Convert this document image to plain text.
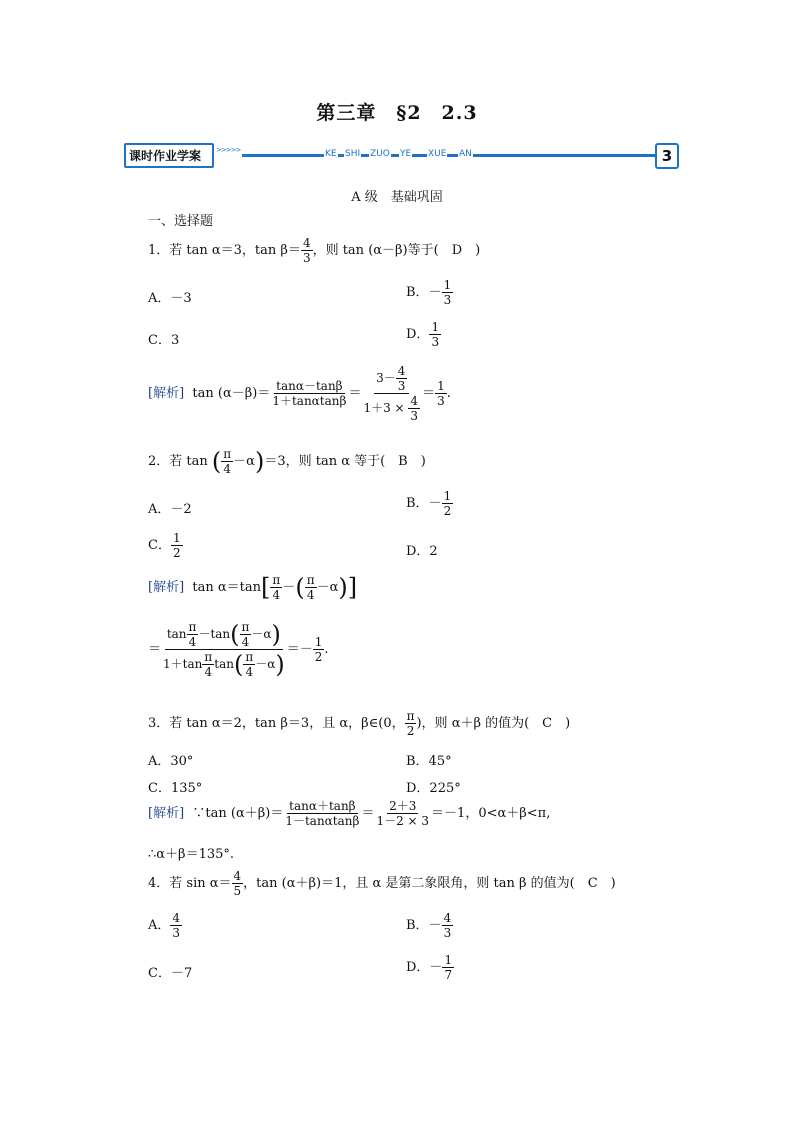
第三章　§2　2.3
课时作业学案	>>>>>	KE SHI ZUO YE XUE AN	3
A 级　基础巩固
一、选择题
1．若 tan α＝3，$\tan \beta= \frac{4}{3}$ ，则 tan (α－β)等于(　D　)
A．－3	B．－ $\frac{1}{3}$
C．3	D． $\frac{1}{3}$
[解析] $\tan (\alpha-\beta)= \frac{\tan\alpha-\tan\beta}{1+\tan\alpha\tan\beta} = \frac{3- \frac{4}{3}}{1+3 \times \frac{4}{3}} = \frac{1}{3}$ .
2．若 tan ( $\frac{\pi}{4} -\alpha)=3$，则 tan α 等于(　B　)
A．－2	B．－ $\frac{1}{2}$
C． $\frac{1}{2}$	D．2
[解析] $\tan \alpha=\tan[ \frac{\pi}{4}$ －( $\frac{\pi}{4} -\alpha$)]
＝ $\frac{\tan \frac{\pi}{4} -\tan( \frac{\pi}{4} -\alpha)}{1+\tan \frac{\pi}{4} \tan( \frac{\pi}{4} -\alpha)} =- \frac{1}{2}$ .
3．若 tan α＝2，tan β＝3，且 α，β∈(0， $\frac{\pi}{2}$ )，则 α＋β 的值为(　C　)
A．30°	B．45°
C．135°	D．225°
[解析] ∵tan $(\alpha+\beta)= \frac{\tan\alpha+\tan\beta}{1-\tan\alpha\tan\beta} = \frac{2+3}{1-2 \times 3} =-1$，0<α＋β<π,
∴α＋β＝135°.
4．若 $\sin \alpha= \frac{4}{5}$ ，tan (α＋β)＝1，且 α 是第二象限角，则 tan β 的值为(　C　)
A． $\frac{4}{3}$	B．－ $\frac{4}{3}$
C．－7	D．－ $\frac{1}{7}$
